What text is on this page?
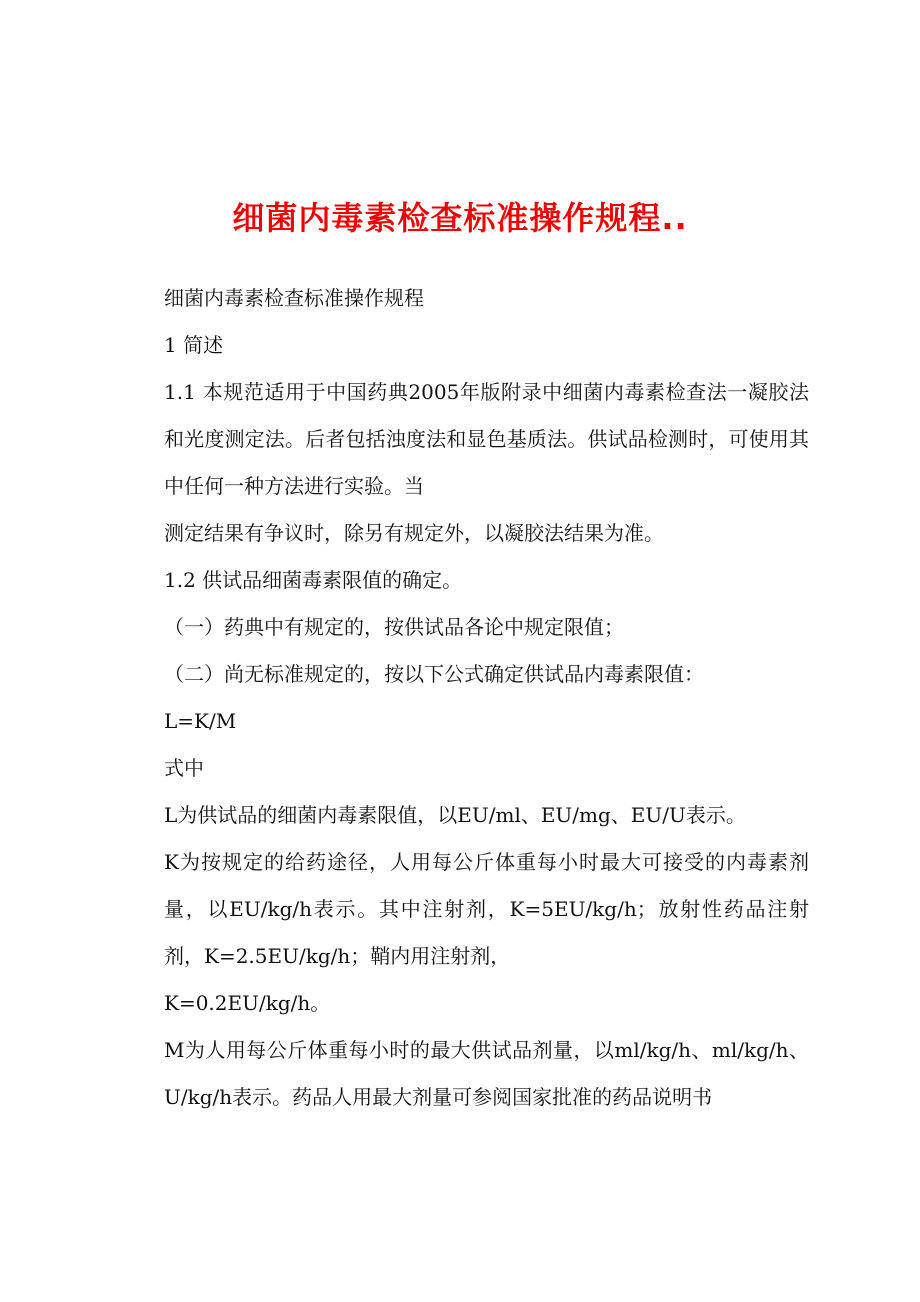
细菌内毒素检查标准操作规程..

细菌内毒素检查标准操作规程

1 简述

1.1 本规范适用于中国药典2005年版附录中细菌内毒素检查法一凝胶法和光度测定法。后者包括浊度法和显色基质法。供试品检测时，可使用其中任何一种方法进行实验。当

测定结果有争议时，除另有规定外，以凝胶法结果为准。

1.2 供试品细菌毒素限值的确定。

（一）药典中有规定的，按供试品各论中规定限值；

（二）尚无标准规定的，按以下公式确定供试品内毒素限值：

L=K/M

式中

L为供试品的细菌内毒素限值，以EU/ml、EU/mg、EU/U表示。

K为按规定的给药途径，人用每公斤体重每小时最大可接受的内毒素剂量，以EU/kg/h表示。其中注射剂，K=5EU/kg/h；放射性药品注射剂，K=2.5EU/kg/h；鞘内用注射剂，

K=0.2EU/kg/h。

M为人用每公斤体重每小时的最大供试品剂量，以ml/kg/h、ml/kg/h、U/kg/h表示。药品人用最大剂量可参阅国家批准的药品说明书
